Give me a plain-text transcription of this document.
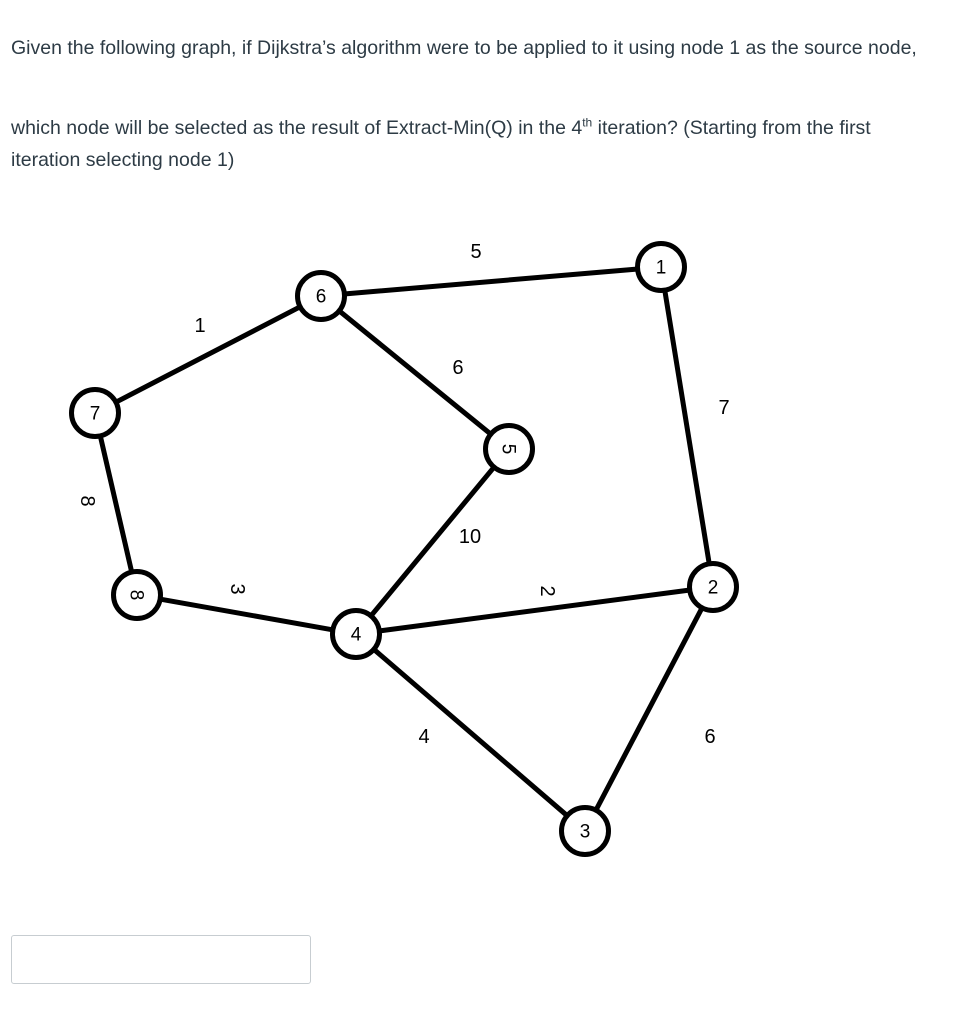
Given the following graph, if Dijkstra’s algorithm were to be applied to it using node 1 as the source node,

which node will be selected as the result of Extract-Min(Q) in the 4th iteration? (Starting from the first iteration selecting node 1)

5
1
9
7
8
10
3	2
4	6
1
2
3
4
5
6
7
8
